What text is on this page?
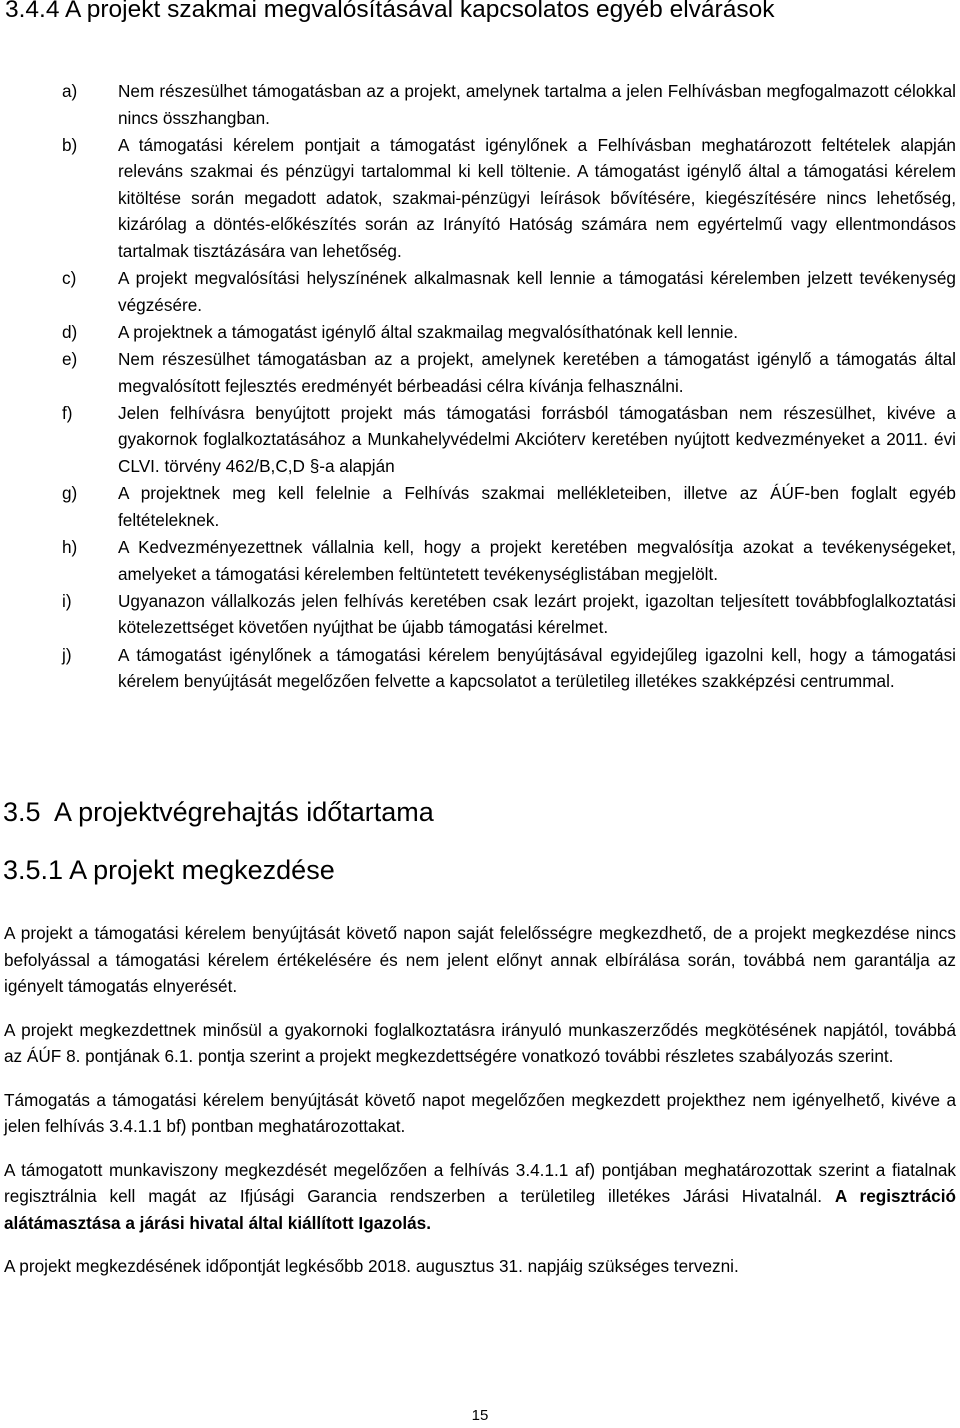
3.4.4 A projekt szakmai megvalósításával kapcsolatos egyéb elvárások
a) Nem részesülhet támogatásban az a projekt, amelynek tartalma a jelen Felhívásban megfogalmazott célokkal nincs összhangban.
b) A támogatási kérelem pontjait a támogatást igénylőnek a Felhívásban meghatározott feltételek alapján releváns szakmai és pénzügyi tartalommal ki kell töltenie. A támogatást igénylő által a támogatási kérelem kitöltése során megadott adatok, szakmai-pénzügyi leírások bővítésére, kiegészítésére nincs lehetőség, kizárólag a döntés-előkészítés során az Irányító Hatóság számára nem egyértelmű vagy ellentmondásos tartalmak tisztázására van lehetőség.
c) A projekt megvalósítási helyszínének alkalmasnak kell lennie a támogatási kérelemben jelzett tevékenység végzésére.
d) A projektnek a támogatást igénylő által szakmailag megvalósíthatónak kell lennie.
e) Nem részesülhet támogatásban az a projekt, amelynek keretében a támogatást igénylő a támogatás által megvalósított fejlesztés eredményét bérbeadási célra kívánja felhasználni.
f)	Jelen felhívásra benyújtott projekt más támogatási forrásból támogatásban nem részesülhet, kivéve a gyakornok foglalkoztatásához a Munkahelyvédelmi Akcióterv keretében nyújtott kedvezményeket a 2011. évi CLVI. törvény 462/B,C,D §-a alapján
g) A projektnek meg kell felelnie a Felhívás szakmai mellékleteiben, illetve az ÁÚF-ben foglalt egyéb feltételeknek.
h) A Kedvezményezettnek vállalnia kell, hogy a projekt keretében megvalósítja azokat a tevékenységeket, amelyeket a támogatási kérelemben feltüntetett tevékenységlistában megjelölt.
i)	Ugyanazon vállalkozás jelen felhívás keretében csak lezárt projekt, igazoltan teljesített továbbfoglalkoztatási kötelezettséget követően nyújthat be újabb támogatási kérelmet.
j)	A támogatást igénylőnek a támogatási kérelem benyújtásával egyidejűleg igazolni kell, hogy a támogatási kérelem benyújtását megelőzően felvette a kapcsolatot a területileg illetékes szakképzési centrummal.
3.5  A projektvégrehajtás időtartama
3.5.1 A projekt megkezdése

A projekt a támogatási kérelem benyújtását követő napon saját felelősségre megkezdhető, de a projekt megkezdése nincs befolyással a támogatási kérelem értékelésére és nem jelent előnyt annak elbírálása során, továbbá nem garantálja az igényelt támogatás elnyerését.

A projekt megkezdettnek minősül a gyakornoki foglalkoztatásra irányuló munkaszerződés megkötésének napjától, továbbá az ÁÚF 8. pontjának 6.1. pontja szerint a projekt megkezdettségére vonatkozó további részletes szabályozás szerint.

Támogatás a támogatási kérelem benyújtását követő napot megelőzően megkezdett projekthez nem igényelhető, kivéve a jelen felhívás 3.4.1.1 bf) pontban meghatározottakat.

A támogatott munkaviszony megkezdését megelőzően a felhívás 3.4.1.1 af) pontjában meghatározottak szerint a fiatalnak regisztrálnia kell magát az Ifjúsági Garancia rendszerben a területileg illetékes Járási Hivatalnál. A regisztráció alátámasztása a járási hivatal által kiállított Igazolás.

A projekt megkezdésének időpontját legkésőbb 2018. augusztus 31. napjáig szükséges tervezni.

15
